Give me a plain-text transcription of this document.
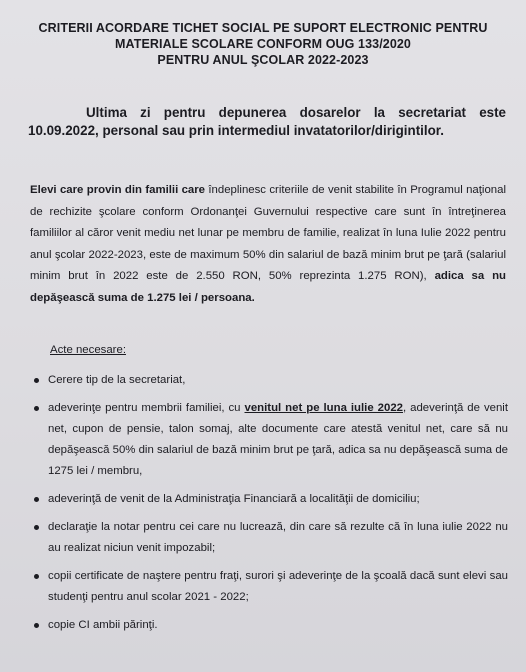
CRITERII ACORDARE TICHET SOCIAL PE SUPORT ELECTRONIC PENTRU
MATERIALE SCOLARE CONFORM OUG 133/2020
PENTRU ANUL ŞCOLAR 2022-2023
Ultima zi pentru depunerea dosarelor la secretariat este 10.09.2022, personal sau prin intermediul invatatorilor/dirigintilor.
Elevi care provin din familii care îndeplinesc criteriile de venit stabilite în Programul naţional de rechizite şcolare conform Ordonanţei Guvernului respective care sunt în întreţinerea familiilor al căror venit mediu net lunar pe membru de familie, realizat în luna Iulie 2022 pentru anul şcolar 2022-2023, este de maximum 50% din salariul de bază minim brut pe ţară (salariul minim brut în 2022 este de 2.550 RON, 50% reprezinta 1.275 RON), adica sa nu depăşească suma de 1.275 lei / persoana.
Acte necesare:
Cerere tip de la secretariat,
adeverinţe pentru membrii familiei, cu venitul net pe luna iulie 2022, adeverinţă de venit net, cupon de pensie, talon somaj, alte documente care atestă venitul net, care să nu depăşească 50% din salariul de bază minim brut pe ţară, adica sa nu depăşească suma de 1275 lei / membru,
adeverinţă de venit de la Administraţia Financiară a localităţii de domiciliu;
declaraţie la notar pentru cei care nu lucrează, din care să rezulte că în luna iulie 2022 nu au realizat niciun venit impozabil;
copii certificate de naştere pentru fraţi, surori şi adeverinţe de la şcoală dacă sunt elevi sau studenţi pentru anul scolar 2021 - 2022;
copie CI ambii părinţi.
